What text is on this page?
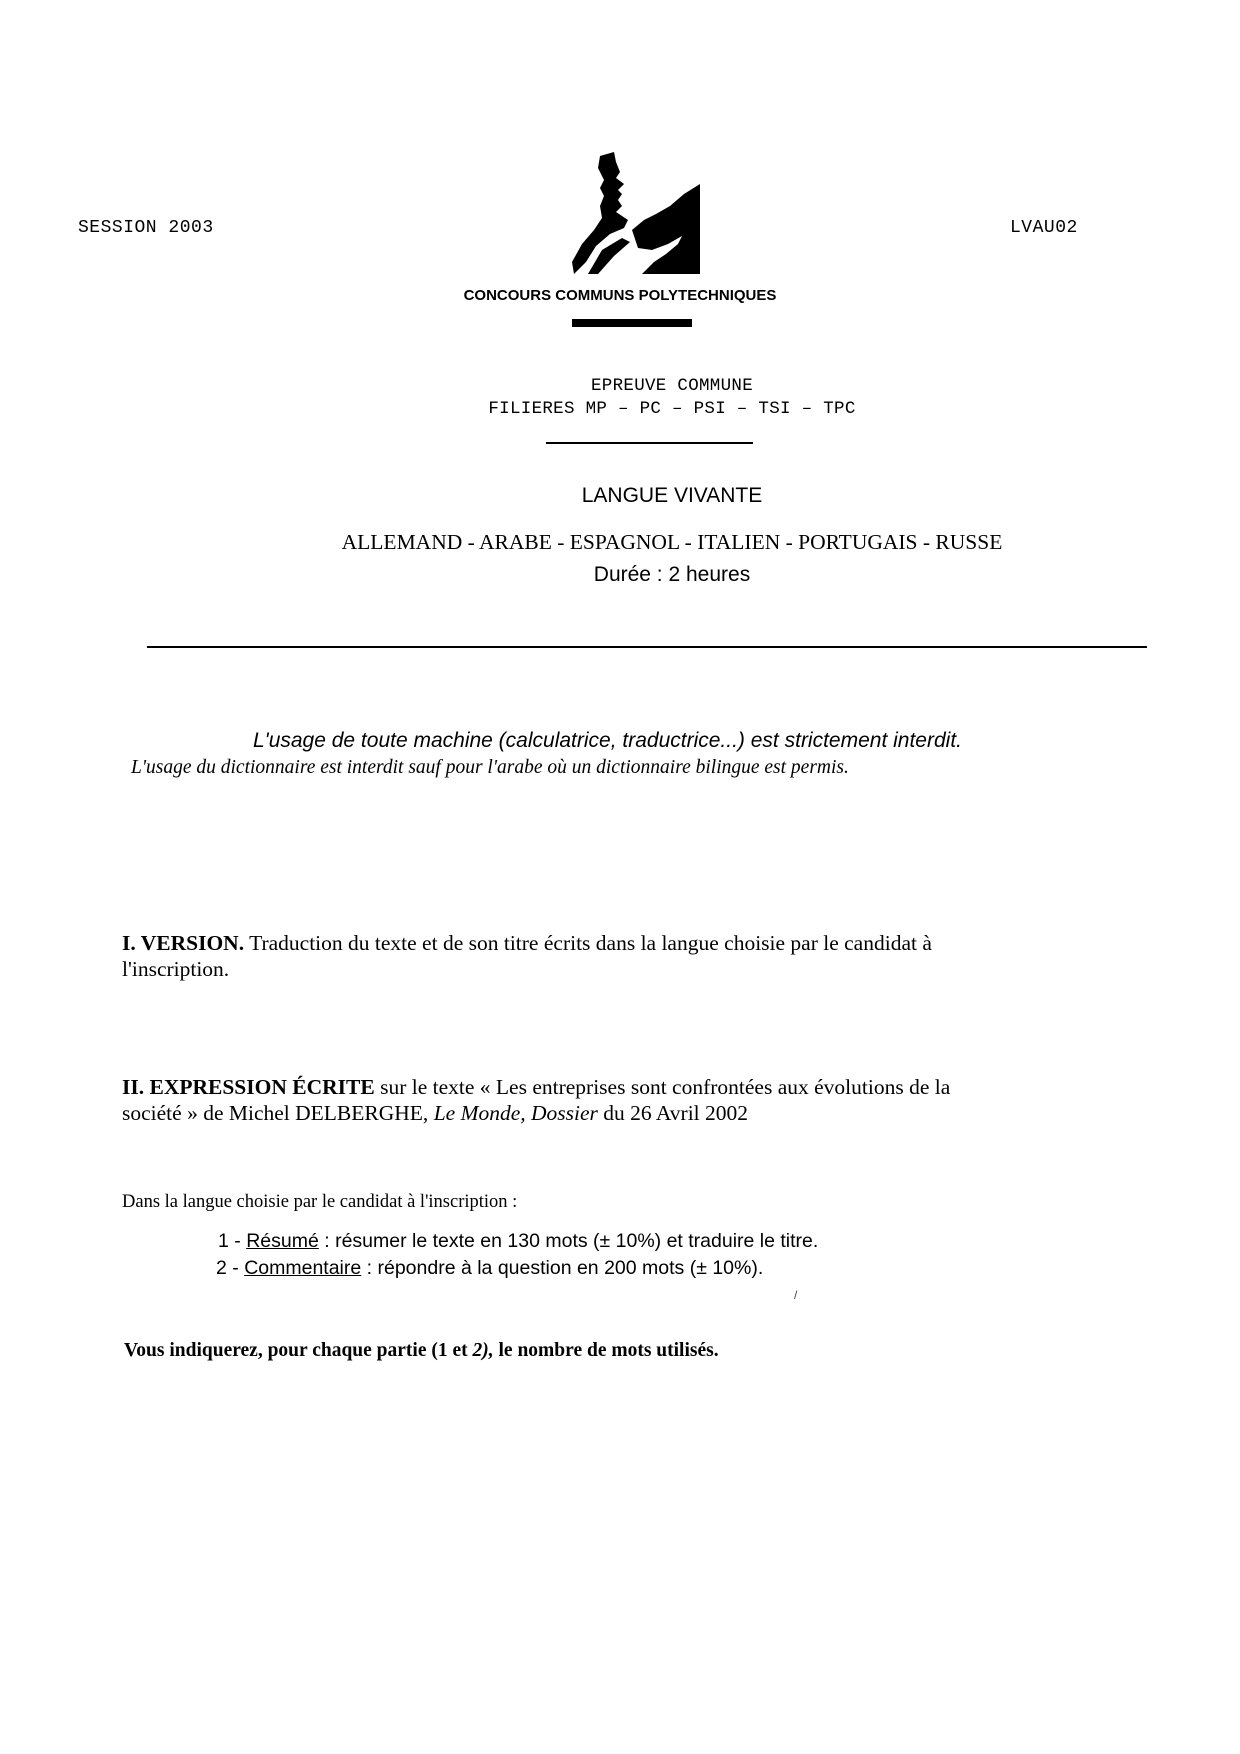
SESSION 2003	LVAU02
CONCOURS COMMUNS POLYTECHNIQUES
EPREUVE COMMUNE
FILIERES MP – PC – PSI – TSI – TPC
LANGUE VIVANTE
ALLEMAND - ARABE - ESPAGNOL - ITALIEN - PORTUGAIS - RUSSE
Durée : 2 heures
L'usage de toute machine (calculatrice, traductrice...) est strictement interdit.
L'usage du dictionnaire est interdit sauf pour l'arabe où un dictionnaire bilingue est permis.
I. VERSION. Traduction du texte et de son titre écrits dans la langue choisie par le candidat à l'inscription.
II. EXPRESSION ÉCRITE sur le texte « Les entreprises sont confrontées aux évolutions de la société » de Michel DELBERGHE, Le Monde, Dossier du 26 Avril 2002
Dans la langue choisie par le candidat à l'inscription :
1 - Résumé : résumer le texte en 130 mots (± 10%) et traduire le titre.
2 - Commentaire : répondre à la question en 200 mots (± 10%).
/
Vous indiquerez, pour chaque partie (1 et 2), le nombre de mots utilisés.
